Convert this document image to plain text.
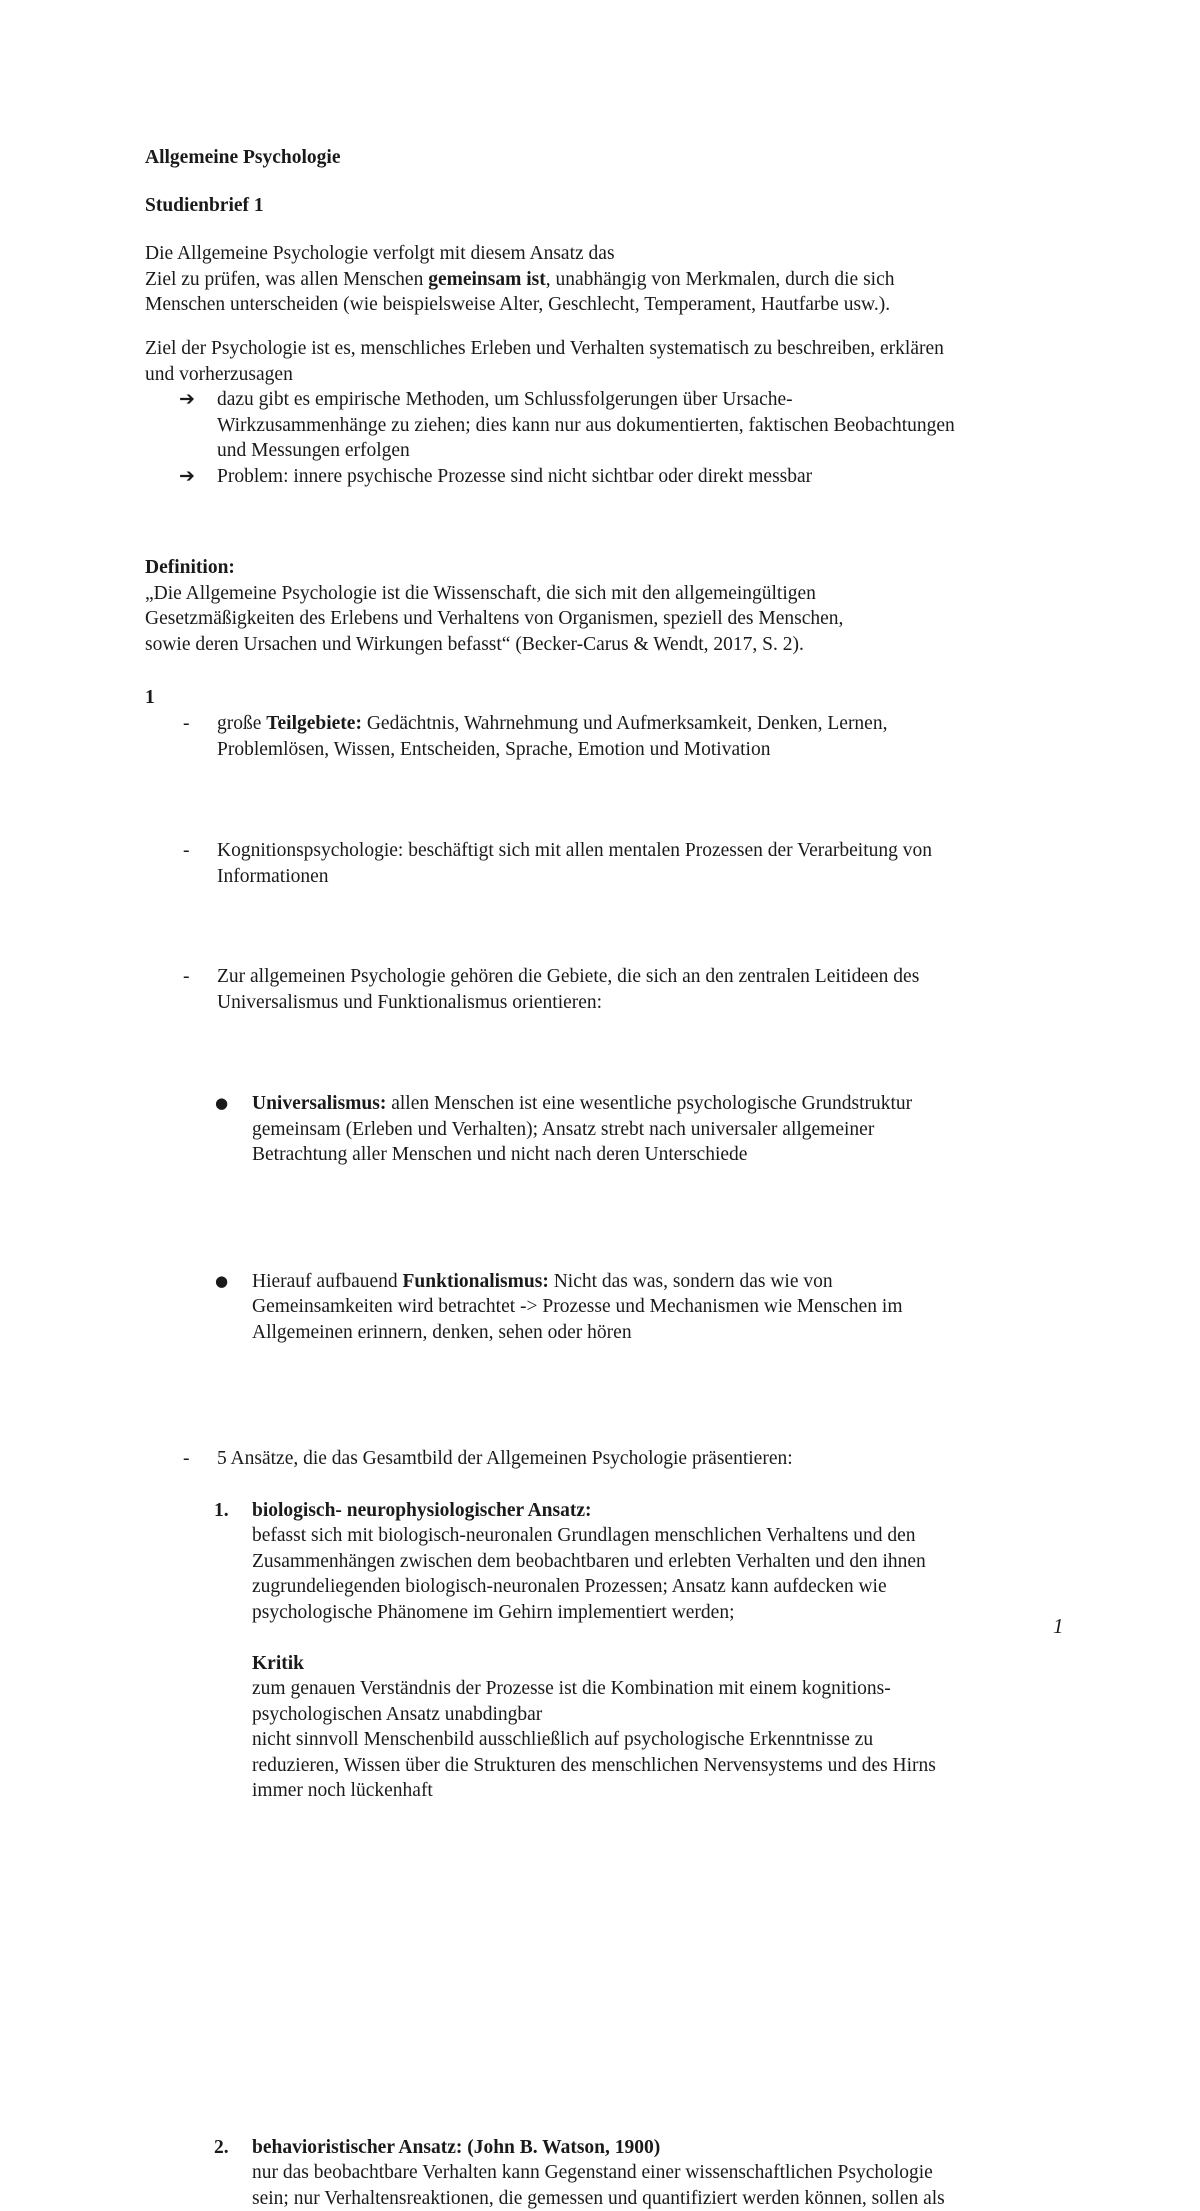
Allgemeine Psychologie
Studienbrief 1
Die Allgemeine Psychologie verfolgt mit diesem Ansatz das
Ziel zu prüfen, was allen Menschen gemeinsam ist, unabhängig von Merkmalen, durch die sich
Menschen unterscheiden (wie beispielsweise Alter, Geschlecht, Temperament, Hautfarbe usw.).
Ziel der Psychologie ist es, menschliches Erleben und Verhalten systematisch zu beschreiben, erklären
und vorherzusagen
➔ dazu gibt es empirische Methoden, um Schlussfolgerungen über Ursache-
Wirkzusammenhänge zu ziehen; dies kann nur aus dokumentierten, faktischen Beobachtungen
und Messungen erfolgen
➔ Problem: innere psychische Prozesse sind nicht sichtbar oder direkt messbar
Definition:
„Die Allgemeine Psychologie ist die Wissenschaft, die sich mit den allgemeingültigen
Gesetzmäßigkeiten des Erlebens und Verhaltens von Organismen, speziell des Menschen,
sowie deren Ursachen und Wirkungen befasst“ (Becker-Carus & Wendt, 2017, S. 2).
1
- große Teilgebiete: Gedächtnis, Wahrnehmung und Aufmerksamkeit, Denken, Lernen,
Problemlösen, Wissen, Entscheiden, Sprache, Emotion und Motivation
- Kognitionspsychologie: beschäftigt sich mit allen mentalen Prozessen der Verarbeitung von
Informationen
- Zur allgemeinen Psychologie gehören die Gebiete, die sich an den zentralen Leitideen des
Universalismus und Funktionalismus orientieren:
● Universalismus: allen Menschen ist eine wesentliche psychologische Grundstruktur
gemeinsam (Erleben und Verhalten); Ansatz strebt nach universaler allgemeiner
Betrachtung aller Menschen und nicht nach deren Unterschiede
● Hierauf aufbauend Funktionalismus: Nicht das was, sondern das wie von
Gemeinsamkeiten wird betrachtet -> Prozesse und Mechanismen wie Menschen im
Allgemeinen erinnern, denken, sehen oder hören
- 5 Ansätze, die das Gesamtbild der Allgemeinen Psychologie präsentieren:
1. biologisch- neurophysiologischer Ansatz:
befasst sich mit biologisch-neuronalen Grundlagen menschlichen Verhaltens und den
Zusammenhängen zwischen dem beobachtbaren und erlebten Verhalten und den ihnen
zugrundeliegenden biologisch-neuronalen Prozessen; Ansatz kann aufdecken wie
psychologische Phänomene im Gehirn implementiert werden;
Kritik
zum genauen Verständnis der Prozesse ist die Kombination mit einem kognitions-
psychologischen Ansatz unabdingbar
nicht sinnvoll Menschenbild ausschließlich auf psychologische Erkenntnisse zu
reduzieren, Wissen über die Strukturen des menschlichen Nervensystems und des Hirns
immer noch lückenhaft
2. behavioristischer Ansatz: (John B. Watson, 1900)
nur das beobachtbare Verhalten kann Gegenstand einer wissenschaftlichen Psychologie
sein; nur Verhaltensreaktionen, die gemessen und quantifiziert werden können, sollen als
1
